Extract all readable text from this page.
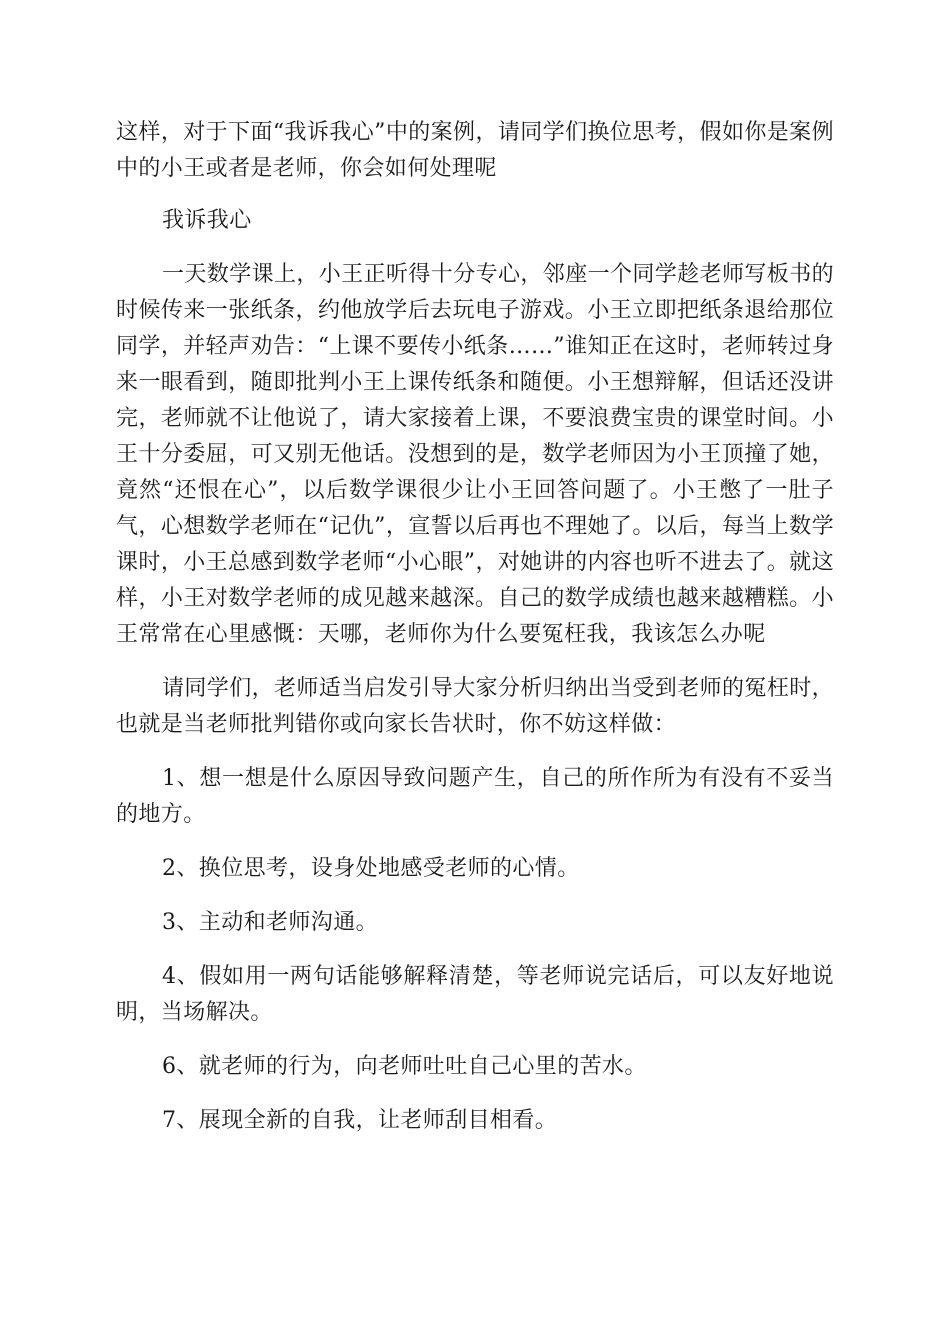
这样，对于下面“我诉我心”中的案例，请同学们换位思考，假如你是案例中的小王或者是老师，你会如何处理呢

我诉我心

一天数学课上，小王正听得十分专心，邻座一个同学趁老师写板书的时候传来一张纸条，约他放学后去玩电子游戏。小王立即把纸条退给那位同学，并轻声劝告：“上课不要传小纸条……”谁知正在这时，老师转过身来一眼看到，随即批判小王上课传纸条和随便。小王想辩解，但话还没讲完，老师就不让他说了，请大家接着上课，不要浪费宝贵的课堂时间。小王十分委屈，可又别无他话。没想到的是，数学老师因为小王顶撞了她，竟然“还恨在心”，以后数学课很少让小王回答问题了。小王憋了一肚子气，心想数学老师在“记仇”，宣誓以后再也不理她了。以后，每当上数学课时，小王总感到数学老师“小心眼”，对她讲的内容也听不进去了。就这样，小王对数学老师的成见越来越深。自己的数学成绩也越来越糟糕。小王常常在心里感慨：天哪，老师你为什么要冤枉我，我该怎么办呢

请同学们，老师适当启发引导大家分析归纳出当受到老师的冤枉时，也就是当老师批判错你或向家长告状时，你不妨这样做：

1、想一想是什么原因导致问题产生，自己的所作所为有没有不妥当的地方。

2、换位思考，设身处地感受老师的心情。

3、主动和老师沟通。

4、假如用一两句话能够解释清楚，等老师说完话后，可以友好地说明，当场解决。

6、就老师的行为，向老师吐吐自己心里的苦水。

7、展现全新的自我，让老师刮目相看。
